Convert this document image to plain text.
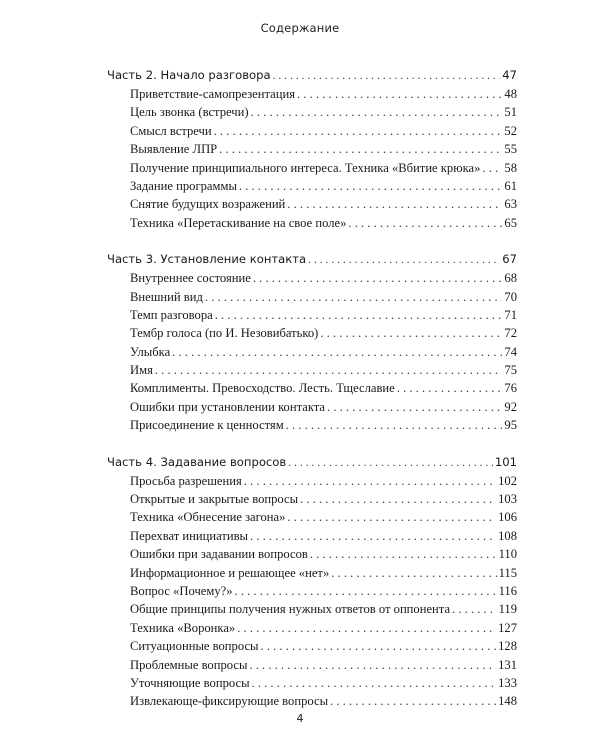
Содержание
Часть 2. Начало разговора . . .	47
Приветствие-самопрезентация . . .	48
Цель звонка (встречи) . . .	51
Смысл встречи . . .	52
Выявление ЛПР . . .	55
Получение принципиального интереса. Техника «Вбитие крюка» . . . 58
Задание программы . . .	61
Снятие будущих возражений . . .	63
Техника «Перетаскивание на свое поле» . . .	65
Часть 3. Установление контакта . . .	67
Внутреннее состояние . . .	68
Внешний вид . . .	70
Темп разговора . . .	71
Тембр голоса (по И. Незовибатько) . . .	72
Улыбка . . .	74
Имя . . .	75
Комплименты. Превосходство. Лесть. Тщеславие . . .	76
Ошибки при установлении контакта . . .	92
Присоединение к ценностям . . .	95
Часть 4. Задавание вопросов . . .	101
Просьба разрешения . . .	102
Открытые и закрытые вопросы . . .	103
Техника «Обнесение загона» . . .	106
Перехват инициативы . . .	108
Ошибки при задавании вопросов . . .	110
Информационное и решающее «нет» . . .	115
Вопрос «Почему?» . . .	116
Общие принципы получения нужных ответов от оппонента . . .	119
Техника «Воронка» . . .	127
Ситуационные вопросы . . .	128
Проблемные вопросы . . .	131
Уточняющие вопросы . . .	133
Извлекающе-фиксирующие вопросы . . .	148
4
